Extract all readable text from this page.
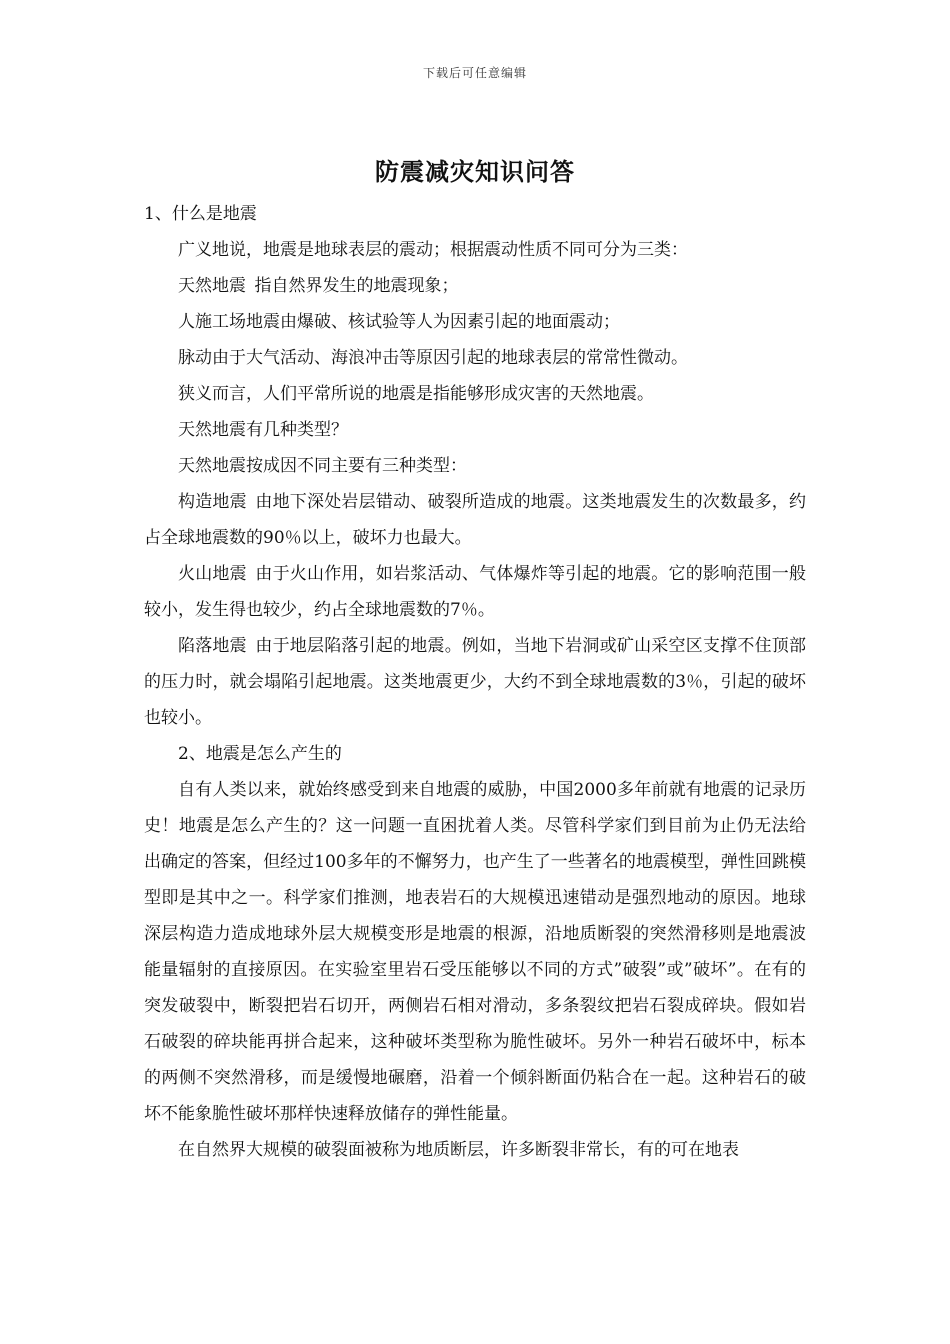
下载后可任意编辑
防震减灾知识问答

1、什么是地震

广义地说，地震是地球表层的震动；根据震动性质不同可分为三类：

天然地震 指自然界发生的地震现象；

人施工场地震由爆破、核试验等人为因素引起的地面震动；

脉动由于大气活动、海浪冲击等原因引起的地球表层的常常性微动。

狭义而言，人们平常所说的地震是指能够形成灾害的天然地震。

天然地震有几种类型？

天然地震按成因不同主要有三种类型：

构造地震 由地下深处岩层错动、破裂所造成的地震。这类地震发生的次数最多，约占全球地震数的90％以上，破坏力也最大。

火山地震 由于火山作用，如岩浆活动、气体爆炸等引起的地震。它的影响范围一般较小，发生得也较少，约占全球地震数的7％。

陷落地震 由于地层陷落引起的地震。例如，当地下岩洞或矿山采空区支撑不住顶部的压力时，就会塌陷引起地震。这类地震更少，大约不到全球地震数的3％，引起的破坏也较小。

2、地震是怎么产生的

自有人类以来，就始终感受到来自地震的威胁，中国2000多年前就有地震的记录历史！地震是怎么产生的？这一问题一直困扰着人类。尽管科学家们到目前为止仍无法给出确定的答案，但经过100多年的不懈努力，也产生了一些著名的地震模型，弹性回跳模型即是其中之一。科学家们推测，地表岩石的大规模迅速错动是强烈地动的原因。地球深层构造力造成地球外层大规模变形是地震的根源，沿地质断裂的突然滑移则是地震波能量辐射的直接原因。在实验室里岩石受压能够以不同的方式”破裂”或”破坏”。在有的突发破裂中，断裂把岩石切开，两侧岩石相对滑动，多条裂纹把岩石裂成碎块。假如岩石破裂的碎块能再拼合起来，这种破坏类型称为脆性破坏。另外一种岩石破坏中，标本的两侧不突然滑移，而是缓慢地碾磨，沿着一个倾斜断面仍粘合在一起。这种岩石的破坏不能象脆性破坏那样快速释放储存的弹性能量。

在自然界大规模的破裂面被称为地质断层，许多断裂非常长，有的可在地表
